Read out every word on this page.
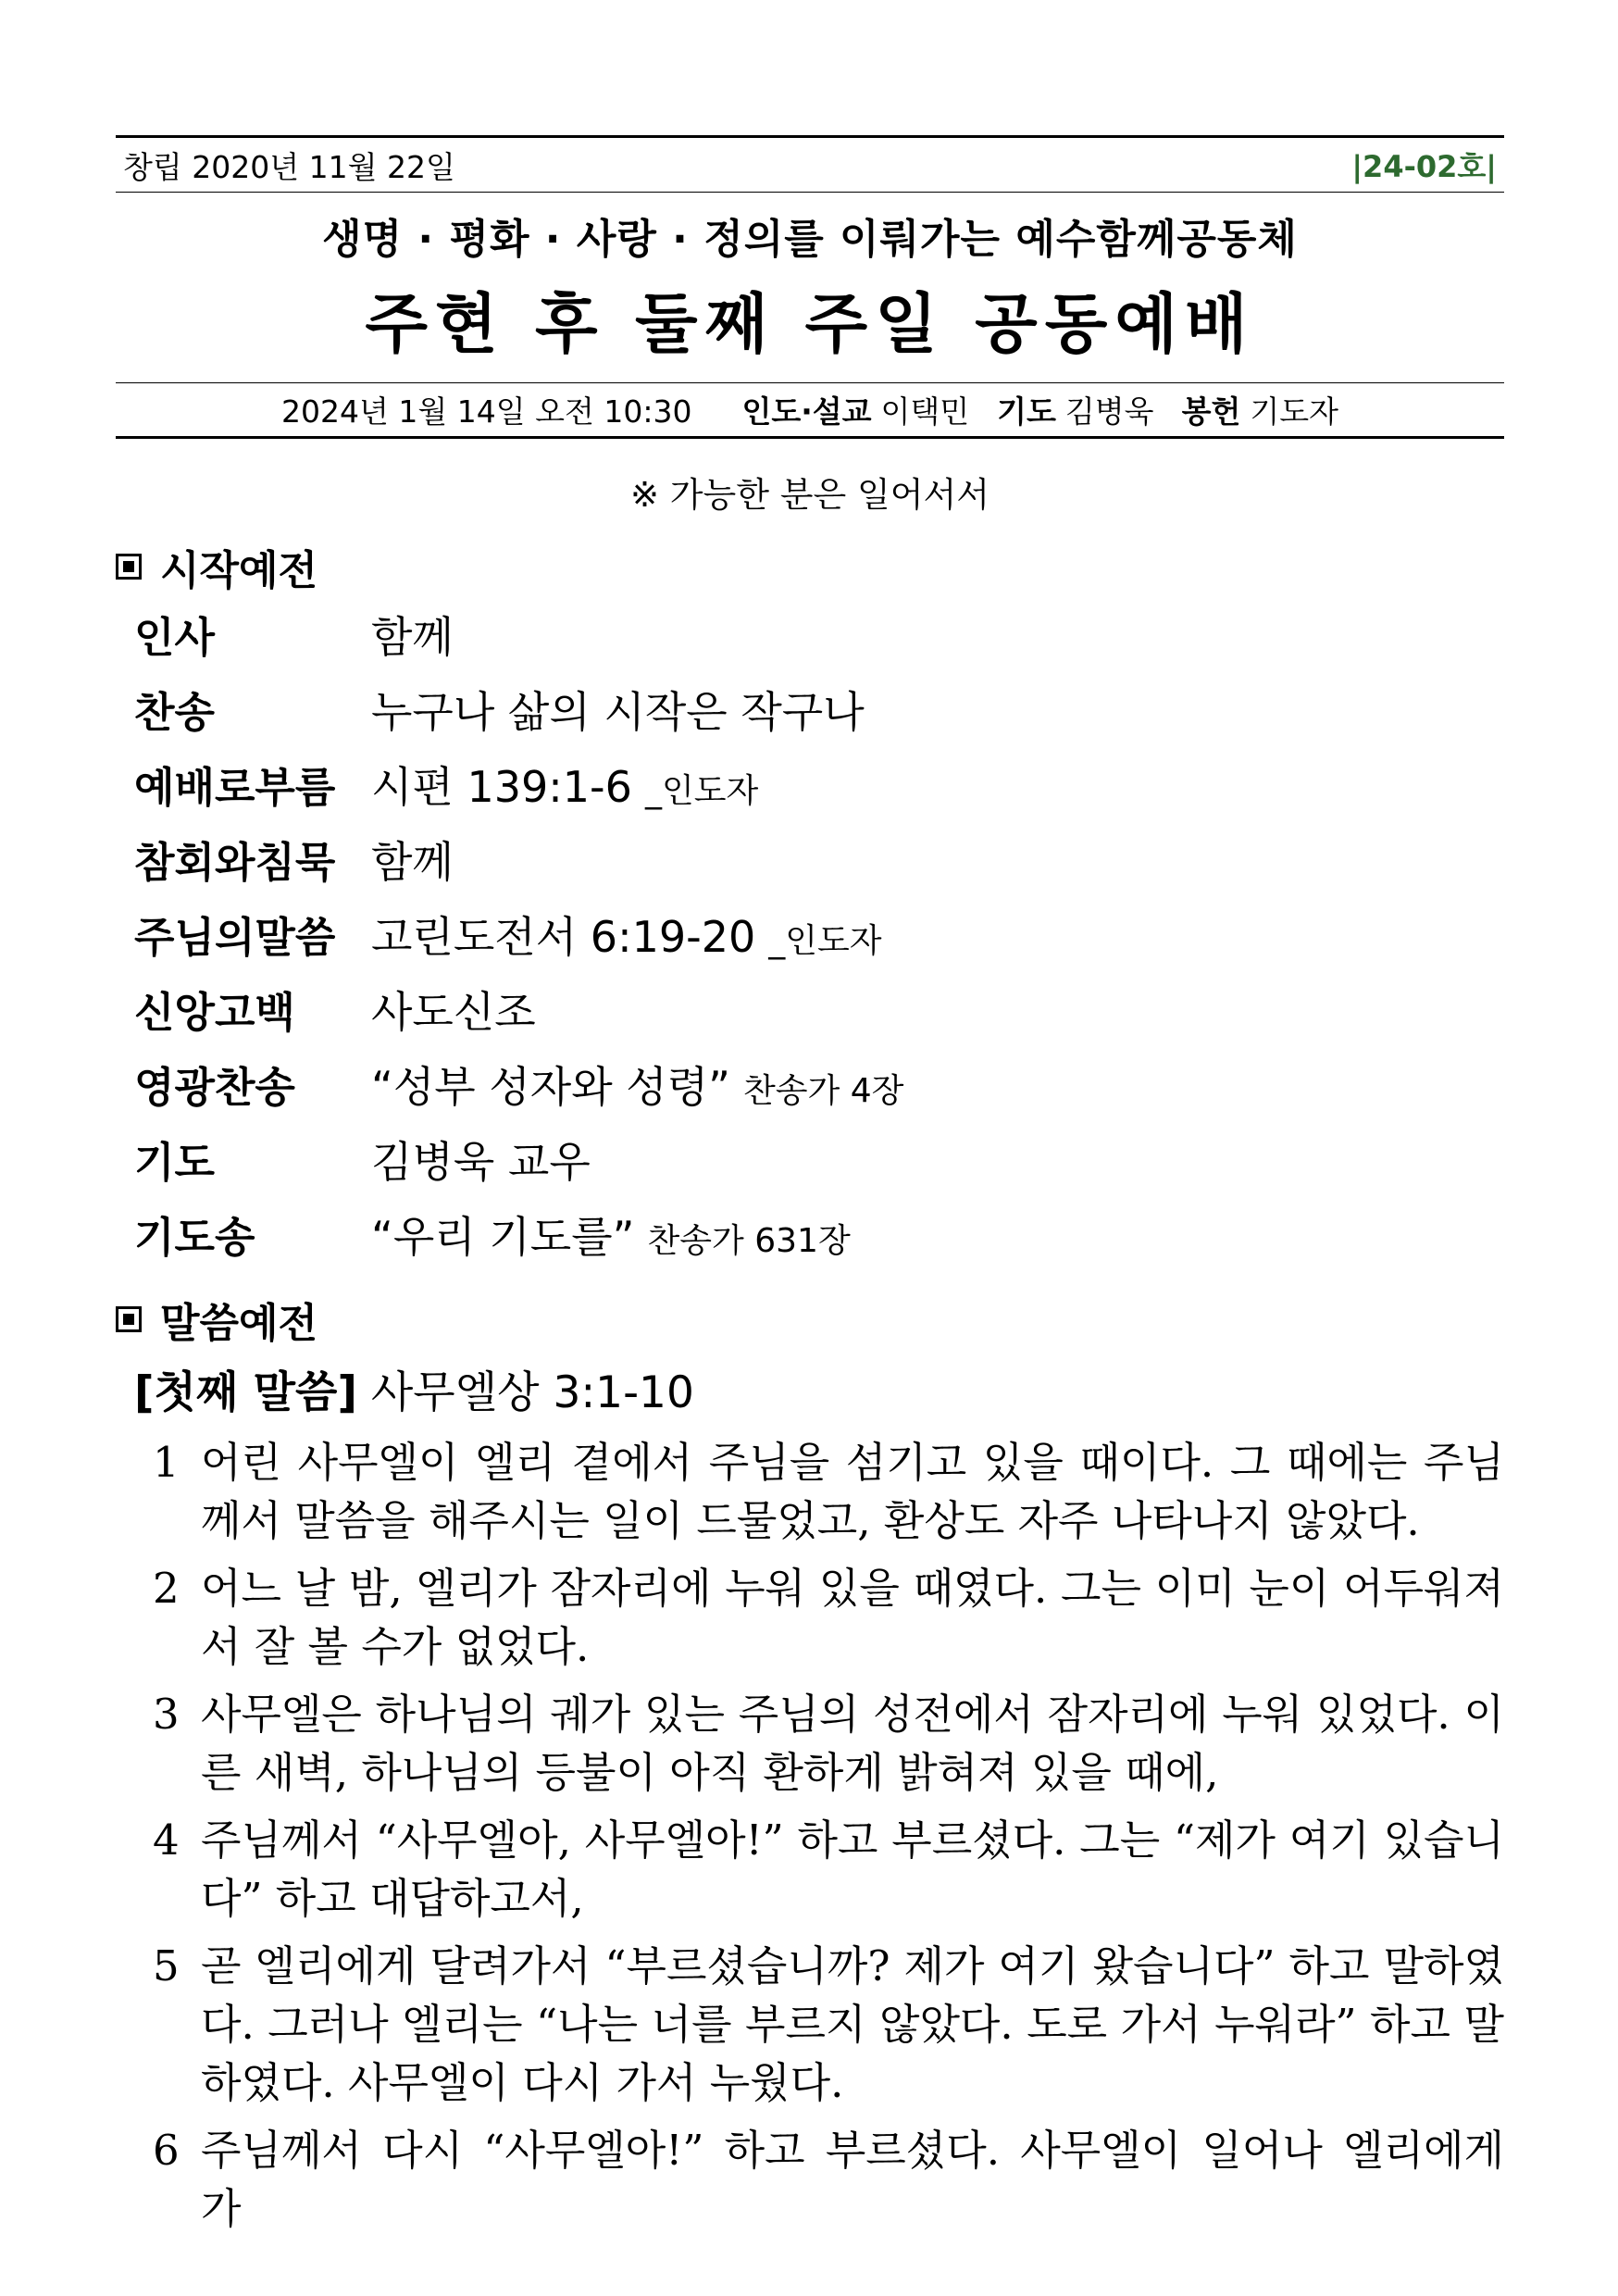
창립 2020년 11월 22일	|24-02호|
생명 · 평화 · 사랑 · 정의를 이뤄가는 예수함께공동체
주현 후 둘째 주일 공동예배
2024년 1월 14일 오전 10:30 인도·설교 이택민 기도 김병욱 봉헌 기도자
※ 가능한 분은 일어서서
시작예전
인사	함께
찬송	누구나 삶의 시작은 작구나
예배로부름 시편 139:1-6 _인도자
참회와침묵 함께
주님의말씀 고린도전서 6:19-20 _인도자
신앙고백	사도신조
영광찬송	“성부 성자와 성령” 찬송가 4장
기도	김병욱 교우
기도송	“우리 기도를” 찬송가 631장
말씀예전
[첫째 말씀] 사무엘상 3:1-10
1 어린 사무엘이 엘리 곁에서 주님을 섬기고 있을 때이다. 그 때에는 주님께서 말씀을 해주시는 일이 드물었고, 환상도 자주 나타나지 않았다.
2 어느 날 밤, 엘리가 잠자리에 누워 있을 때였다. 그는 이미 눈이 어두워져서 잘 볼 수가 없었다.
3 사무엘은 하나님의 궤가 있는 주님의 성전에서 잠자리에 누워 있었다. 이른 새벽, 하나님의 등불이 아직 환하게 밝혀져 있을 때에,
4 주님께서 “사무엘아, 사무엘아!” 하고 부르셨다. 그는 “제가 여기 있습니다” 하고 대답하고서,
5 곧 엘리에게 달려가서 “부르셨습니까? 제가 여기 왔습니다” 하고 말하였다. 그러나 엘리는 “나는 너를 부르지 않았다. 도로 가서 누워라” 하고 말하였다. 사무엘이 다시 가서 누웠다.
6 주님께서 다시 “사무엘아!” 하고 부르셨다. 사무엘이 일어나 엘리에게 가
